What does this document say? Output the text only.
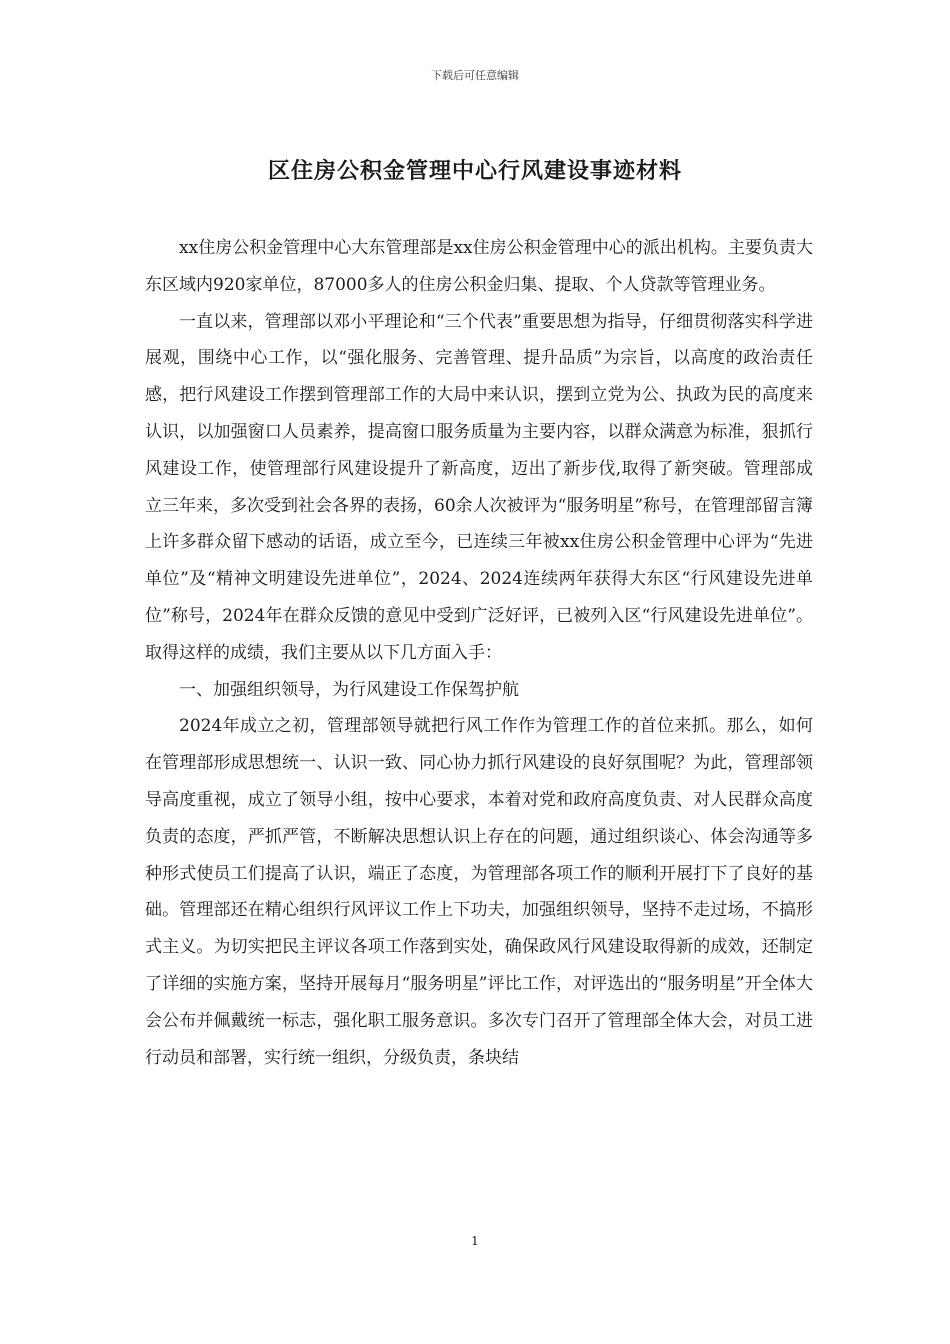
下载后可任意编辑
区住房公积金管理中心行风建设事迹材料

xx住房公积金管理中心大东管理部是xx住房公积金管理中心的派出机构。主要负责大东区域内920家单位，87000多人的住房公积金归集、提取、个人贷款等管理业务。

一直以来，管理部以邓小平理论和“三个代表”重要思想为指导，仔细贯彻落实科学进展观，围绕中心工作，以“强化服务、完善管理、提升品质”为宗旨，以高度的政治责任感，把行风建设工作摆到管理部工作的大局中来认识，摆到立党为公、执政为民的高度来认识，以加强窗口人员素养，提高窗口服务质量为主要内容，以群众满意为标准，狠抓行风建设工作，使管理部行风建设提升了新高度，迈出了新步伐,取得了新突破。管理部成立三年来，多次受到社会各界的表扬，60余人次被评为“服务明星”称号，在管理部留言簿上许多群众留下感动的话语，成立至今，已连续三年被xx住房公积金管理中心评为“先进单位”及“精神文明建设先进单位”，2024、2024连续两年获得大东区“行风建设先进单位”称号，2024年在群众反馈的意见中受到广泛好评，已被列入区“行风建设先进单位”。取得这样的成绩，我们主要从以下几方面入手：

一、加强组织领导，为行风建设工作保驾护航

2024年成立之初，管理部领导就把行风工作作为管理工作的首位来抓。那么，如何在管理部形成思想统一、认识一致、同心协力抓行风建设的良好氛围呢？为此，管理部领导高度重视，成立了领导小组，按中心要求，本着对党和政府高度负责、对人民群众高度负责的态度，严抓严管，不断解决思想认识上存在的问题，通过组织谈心、体会沟通等多种形式使员工们提高了认识，端正了态度，为管理部各项工作的顺利开展打下了良好的基础。管理部还在精心组织行风评议工作上下功夫，加强组织领导，坚持不走过场，不搞形式主义。为切实把民主评议各项工作落到实处，确保政风行风建设取得新的成效，还制定了详细的实施方案，坚持开展每月“服务明星”评比工作，对评选出的“服务明星”开全体大会公布并佩戴统一标志，强化职工服务意识。多次专门召开了管理部全体大会，对员工进行动员和部署，实行统一组织，分级负责，条块结

1
